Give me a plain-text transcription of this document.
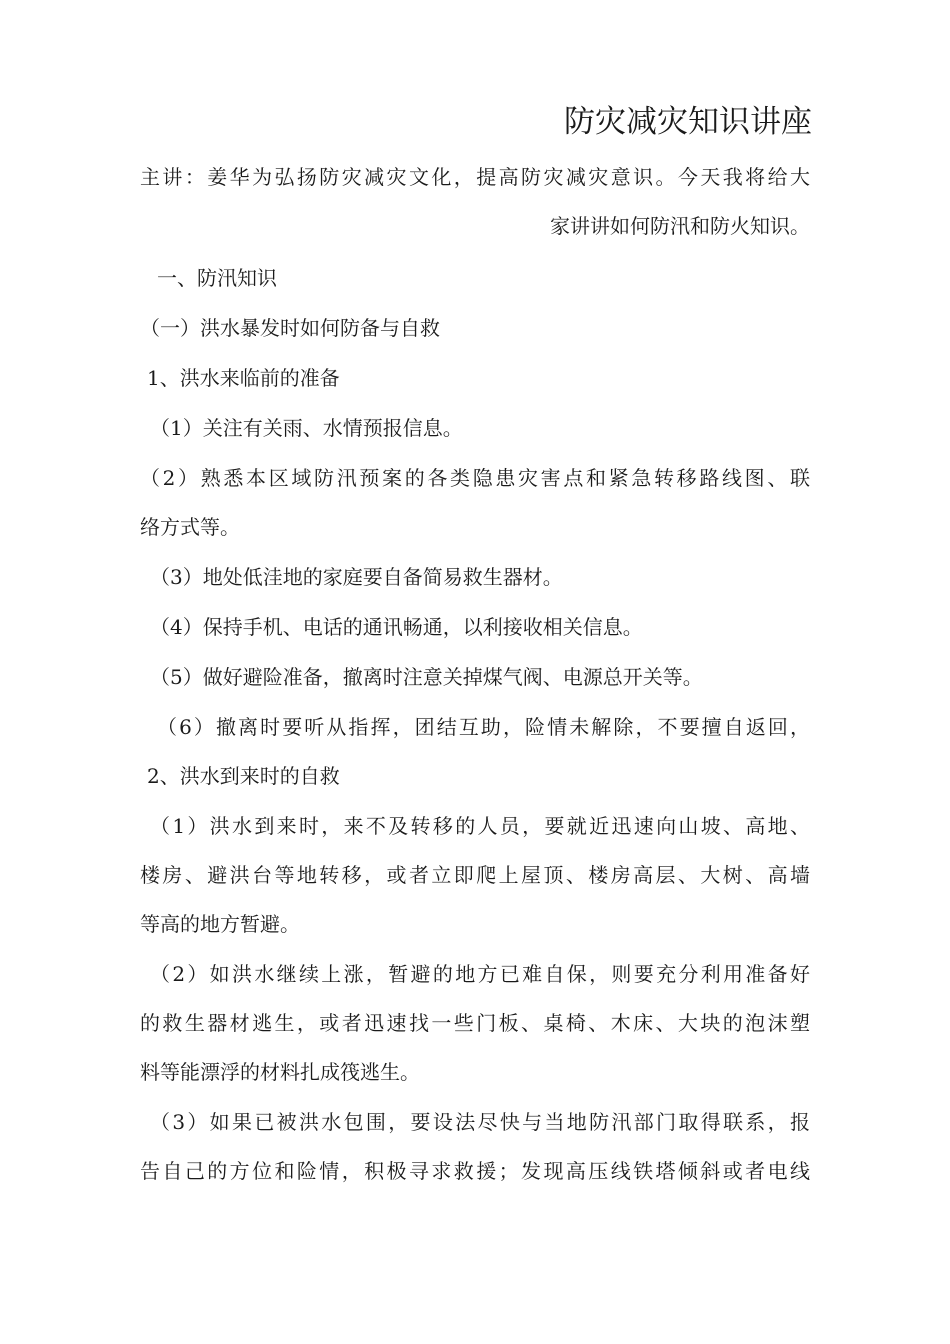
防灾减灾知识讲座
主讲：姜华为弘扬防灾减灾文化，提高防灾减灾意识。今天我将给大
家讲讲如何防汛和防火知识。
一、防汛知识
（一）洪水暴发时如何防备与自救
1、洪水来临前的准备
（1）关注有关雨、水情预报信息。
（2）熟悉本区域防汛预案的各类隐患灾害点和紧急转移路线图、联
络方式等。
（3）地处低洼地的家庭要自备简易救生器材。
（4）保持手机、电话的通讯畅通，以利接收相关信息。
（5）做好避险准备，撤离时注意关掉煤气阀、电源总开关等。
（6）撤离时要听从指挥，团结互助，险情未解除，不要擅自返回，
2、洪水到来时的自救
（1）洪水到来时，来不及转移的人员，要就近迅速向山坡、高地、
楼房、避洪台等地转移，或者立即爬上屋顶、楼房高层、大树、高墙
等高的地方暂避。
（2）如洪水继续上涨，暂避的地方已难自保，则要充分利用准备好
的救生器材逃生，或者迅速找一些门板、桌椅、木床、大块的泡沫塑
料等能漂浮的材料扎成筏逃生。
（3）如果已被洪水包围，要设法尽快与当地防汛部门取得联系，报
告自己的方位和险情，积极寻求救援；发现高压线铁塔倾斜或者电线
